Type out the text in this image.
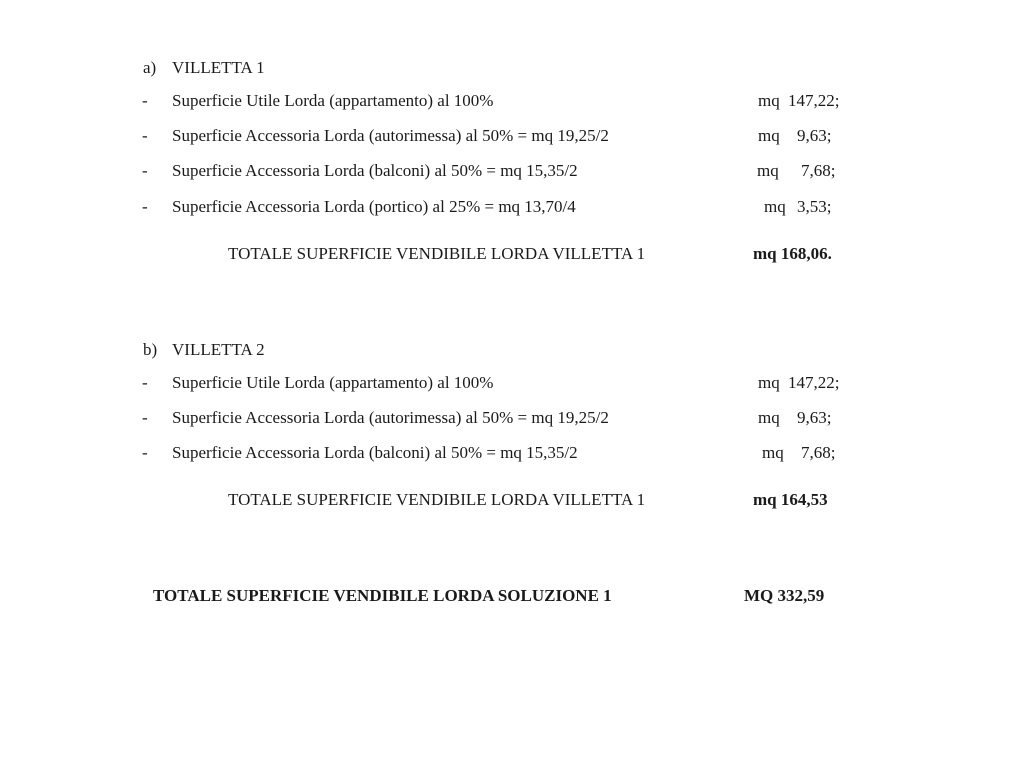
a) VILLETTA 1
- Superficie Utile Lorda (appartamento) al 100%	mq 147,22;
- Superficie Accessoria Lorda (autorimessa) al 50% = mq 19,25/2	mq 9,63;
- Superficie Accessoria Lorda (balconi) al 50% = mq 15,35/2	mq 7,68;
- Superficie Accessoria Lorda (portico) al 25% = mq 13,70/4	mq 3,53;
TOTALE SUPERFICIE VENDIBILE LORDA VILLETTA 1	mq 168,06.
b) VILLETTA 2
- Superficie Utile Lorda (appartamento) al 100%	mq 147,22;
- Superficie Accessoria Lorda (autorimessa) al 50% = mq 19,25/2	mq 9,63;
- Superficie Accessoria Lorda (balconi) al 50% = mq 15,35/2	mq 7,68;
TOTALE SUPERFICIE VENDIBILE LORDA VILLETTA 1	mq 164,53
TOTALE SUPERFICIE VENDIBILE LORDA SOLUZIONE 1	MQ 332,59
